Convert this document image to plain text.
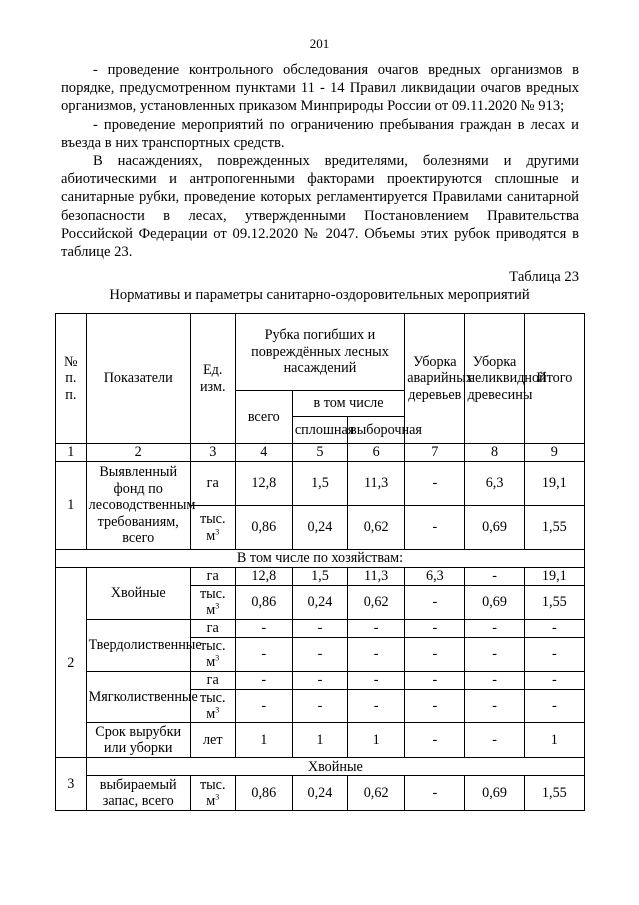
201

- проведение контрольного обследования очагов вредных организмов в порядке, предусмотренном пунктами 11 - 14 Правил ликвидации очагов вредных организмов, установленных приказом Минприроды России от 09.11.2020 № 913;

- проведение мероприятий по ограничению пребывания граждан в лесах и въезда в них транспортных средств.

В насаждениях, поврежденных вредителями, болезнями и другими абиотическими и антропогенными факторами проектируются сплошные и санитарные рубки, проведение которых регламентируется Правилами санитарной безопасности в лесах, утвержденными Постановлением Правительства Российской Федерации от 09.12.2020 № 2047. Объемы этих рубок приводятся в таблице 23.

Таблица 23
Нормативы и параметры санитарно-оздоровительных мероприятий
№ п. п.	Показатели	Ед. изм.	Рубка погибших и повреждённых лесных насаждений			Уборка аварийных деревьев	Уборка неликвидной древесины	Итого
			всего	в том числе				
				сплошная	выборочная			
1	2	3	4	5	6	7	8	9
1	Выявленный фонд по лесоводственным требованиям, всего	га	12,8	1,5	11,3	-	6,3	19,1
		тыс. $м^3$	0,86	0,24	0,62	-	0,69	1,55
В том числе по хозяйствам:								
2	Хвойные	га	12,8	1,5	11,3	6,3	-	19,1
		тыс. $м^3$	0,86	0,24	0,62	-	0,69	1,55
	Твердолиственные	га	-	-	-	-	-	-
		тыс. $м^3$	-	-	-	-	-	-
	Мягколиственные	га	-	-	-	-	-	-
		тыс. $м^3$	-	-	-	-	-	-
	Срок вырубки или уборки	лет	1	1	1	-	-	1
3	Хвойные							
	выбираемый запас, всего	тыс. $м^3$	0,86	0,24	0,62	-	0,69	1,55
